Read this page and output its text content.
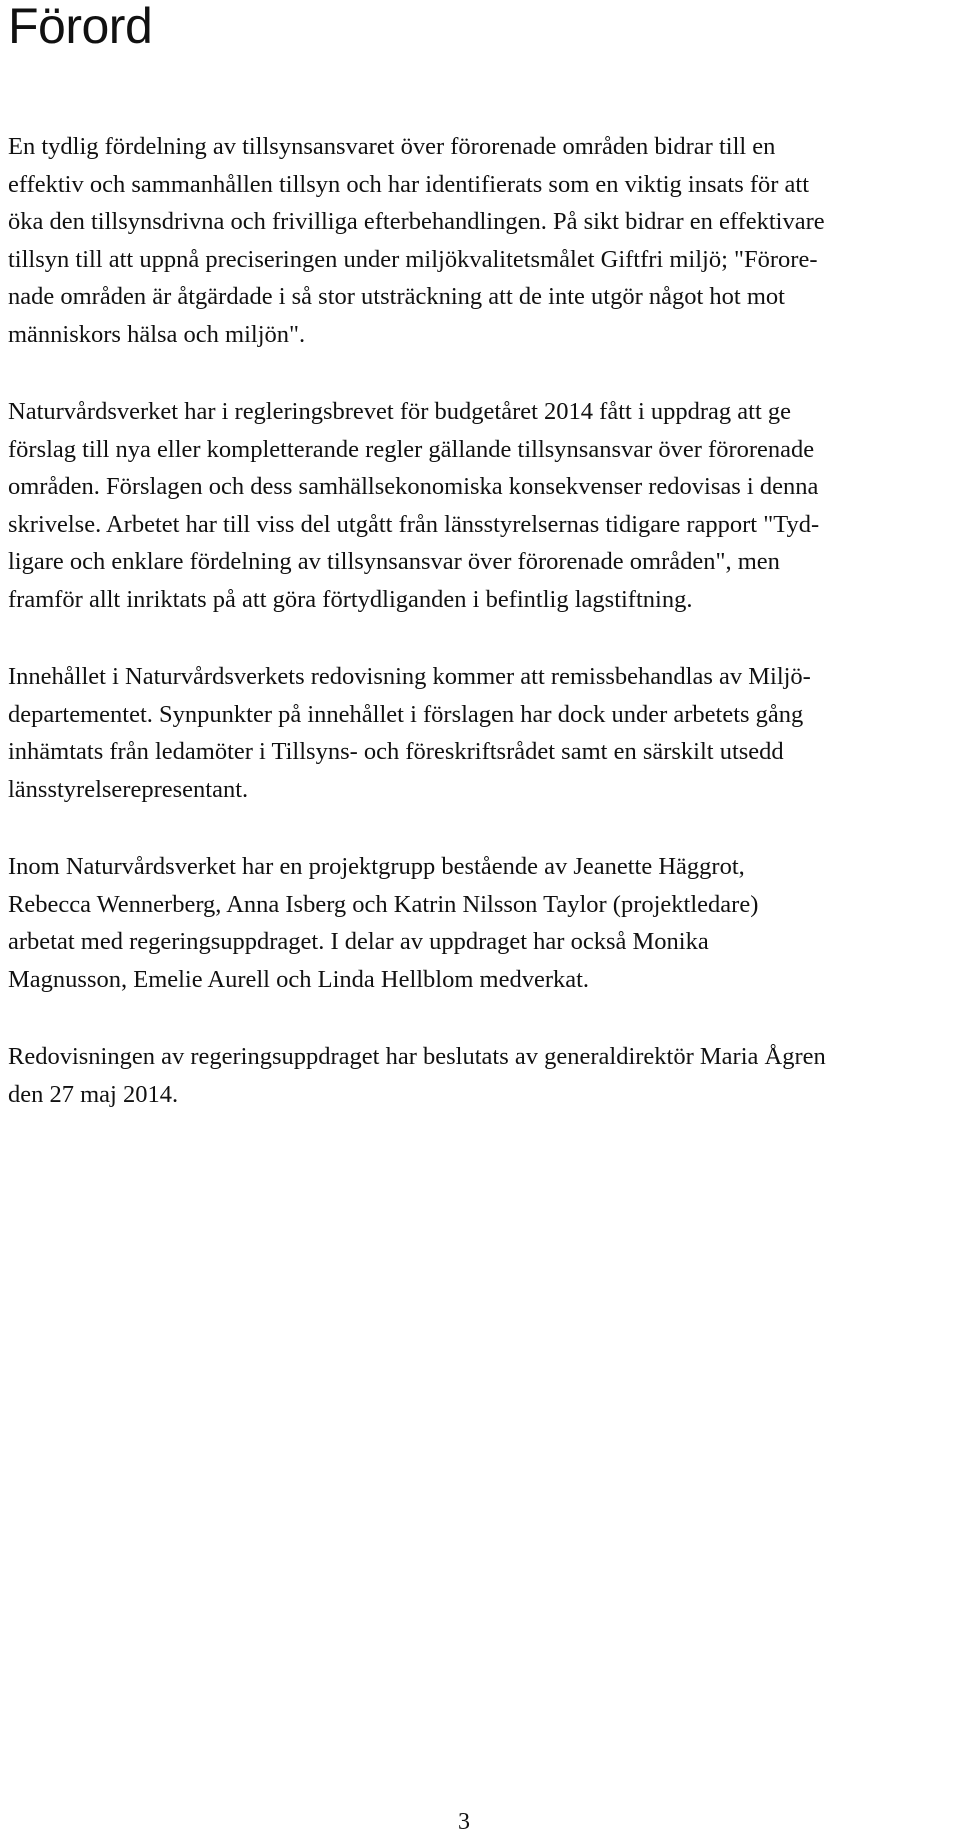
Förord

En tydlig fördelning av tillsynsansvaret över förorenade områden bidrar till en
effektiv och sammanhållen tillsyn och har identifierats som en viktig insats för att
öka den tillsynsdrivna och frivilliga efterbehandlingen. På sikt bidrar en effektivare
tillsyn till att uppnå preciseringen under miljökvalitetsmålet Giftfri miljö; "Förore-
nade områden är åtgärdade i så stor utsträckning att de inte utgör något hot mot
människors hälsa och miljön".

Naturvårdsverket har i regleringsbrevet för budgetåret 2014 fått i uppdrag att ge
förslag till nya eller kompletterande regler gällande tillsynsansvar över förorenade
områden. Förslagen och dess samhällsekonomiska konsekvenser redovisas i denna
skrivelse. Arbetet har till viss del utgått från länsstyrelsernas tidigare rapport "Tyd-
ligare och enklare fördelning av tillsynsansvar över förorenade områden", men
framför allt inriktats på att göra förtydliganden i befintlig lagstiftning.

Innehållet i Naturvårdsverkets redovisning kommer att remissbehandlas av Miljö-
departementet. Synpunkter på innehållet i förslagen har dock under arbetets gång
inhämtats från ledamöter i Tillsyns- och föreskriftsrådet samt en särskilt utsedd
länsstyrelserepresentant.

Inom Naturvårdsverket har en projektgrupp bestående av Jeanette Häggrot,
Rebecca Wennerberg, Anna Isberg och Katrin Nilsson Taylor (projektledare)
arbetat med regeringsuppdraget. I delar av uppdraget har också Monika
Magnusson, Emelie Aurell och Linda Hellblom medverkat.

Redovisningen av regeringsuppdraget har beslutats av generaldirektör Maria Ågren
den 27 maj 2014.

3
